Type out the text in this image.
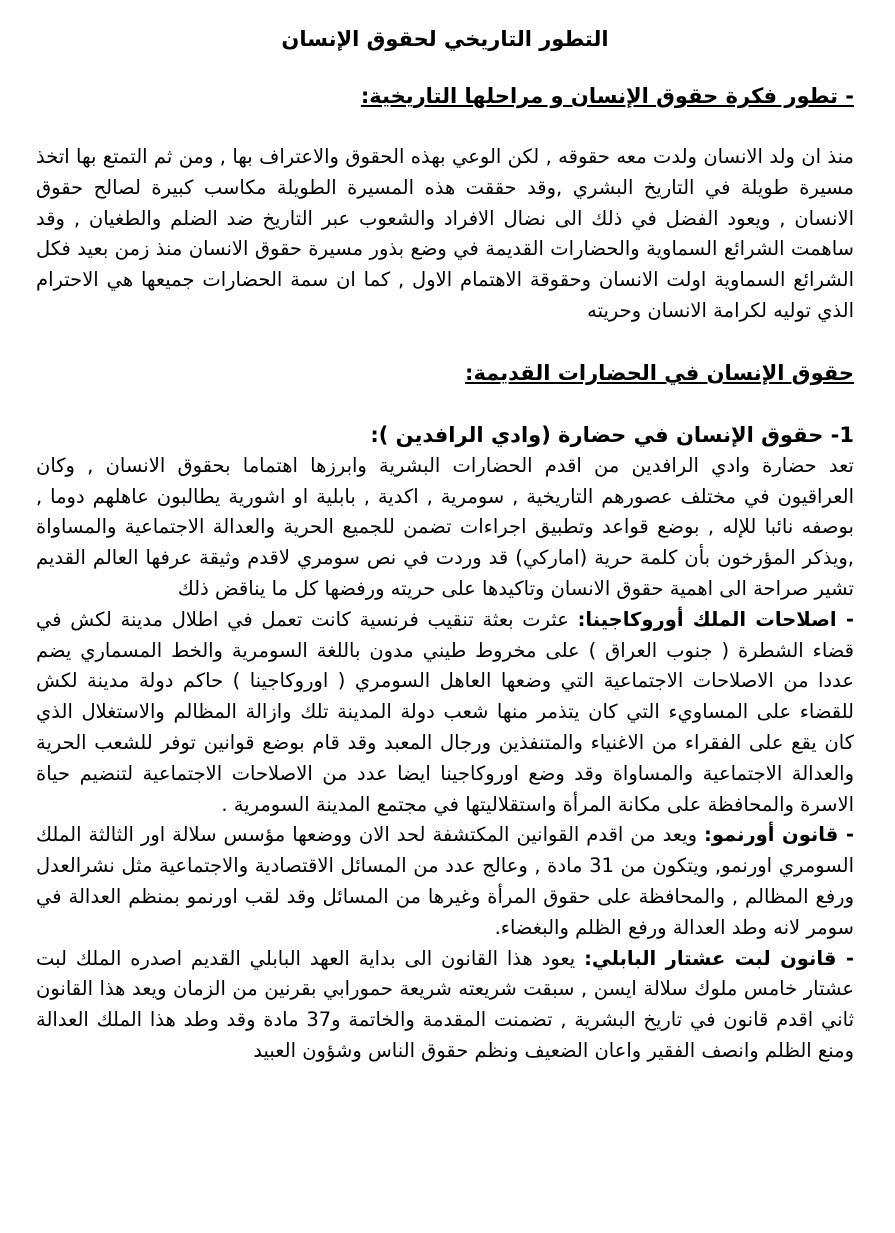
التطور التاريخي لحقوق الإنسان
- تطور فكرة حقوق الإنسان و مراحلها التاريخية:

منذ ان ولد الانسان ولدت معه حقوقه , لكن الوعي بهذه الحقوق والاعتراف بها , ومن ثم التمتع بها اتخذ مسيرة طويلة في التاريخ البشري ,وقد حققت هذه المسيرة الطويلة مكاسب كبيرة لصالح حقوق الانسان , ويعود الفضل في ذلك الى نضال الافراد والشعوب عبر التاريخ ضد الضلم والطغيان , وقد ساهمت الشرائع السماوية والحضارات القديمة في وضع بذور مسيرة حقوق الانسان منذ زمن بعيد فكل الشرائع السماوية اولت الانسان وحقوقة الاهتمام الاول , كما ان سمة الحضارات جميعها هي الاحترام الذي توليه لكرامة الانسان وحريته

حقوق الإنسان في الحضارات القديمة:
1- حقوق الإنسان في حضارة (وادي الرافدين ):

تعد حضارة وادي الرافدين من اقدم الحضارات البشرية وابرزها اهتماما بحقوق الانسان , وكان العراقيون في مختلف عصورهم التاريخية , سومرية , اكدية , بابلية او اشورية يطالبون عاهلهم دوما , بوصفه نائبا للإله , بوضع قواعد وتطبيق اجراءات تضمن للجميع الحرية والعدالة الاجتماعية والمساواة ,ويذكر المؤرخون بأن كلمة حرية (اماركي) قد وردت في نص سومري لاقدم وثيقة عرفها العالم القديم تشير صراحة الى اهمية حقوق الانسان وتاكيدها على حريته ورفضها كل ما يناقض ذلك

- اصلاحات الملك أوروكاجينا: عثرت بعثة تنقيب فرنسية كانت تعمل في اطلال مدينة لكش في قضاء الشطرة ( جنوب العراق ) على مخروط طيني مدون باللغة السومرية والخط المسماري يضم عددا من الاصلاحات الاجتماعية التي وضعها العاهل السومري ( اوروكاجينا ) حاكم دولة مدينة لكش للقضاء على المساويء التي كان يتذمر منها شعب دولة المدينة تلك وازالة المظالم والاستغلال الذي كان يقع على الفقراء من الاغنياء والمتنفذين ورجال المعبد وقد قام بوضع قوانين توفر للشعب الحرية والعدالة الاجتماعية والمساواة وقد وضع اوروكاجينا ايضا عدد من الاصلاحات الاجتماعية لتنضيم حياة الاسرة والمحافظة على مكانة المرأة واستقلاليتها في مجتمع المدينة السومرية .

- قانون أورنمو: ويعد من اقدم القوانين المكتشفة لحد الان ووضعها مؤسس سلالة اور الثالثة الملك السومري اورنمو, ويتكون من 31 مادة , وعالج عدد من المسائل الاقتصادية والاجتماعية مثل نشرالعدل ورفع المظالم , والمحافظة على حقوق المرأة وغيرها من المسائل وقد لقب اورنمو بمنظم العدالة في سومر لانه وطد العدالة ورفع الظلم والبغضاء.

- قانون لبت عشتار البابلي: يعود هذا القانون الى بداية العهد البابلي القديم اصدره الملك لبت عشتار خامس ملوك سلالة ايسن , سبقت شريعته شريعة حمورابي بقرنين من الزمان ويعد هذا القانون ثاني اقدم قانون في تاريخ البشرية , تضمنت المقدمة والخاتمة و37 مادة وقد وطد هذا الملك العدالة ومنع الظلم وانصف الفقير واعان الضعيف ونظم حقوق الناس وشؤون العبيد
